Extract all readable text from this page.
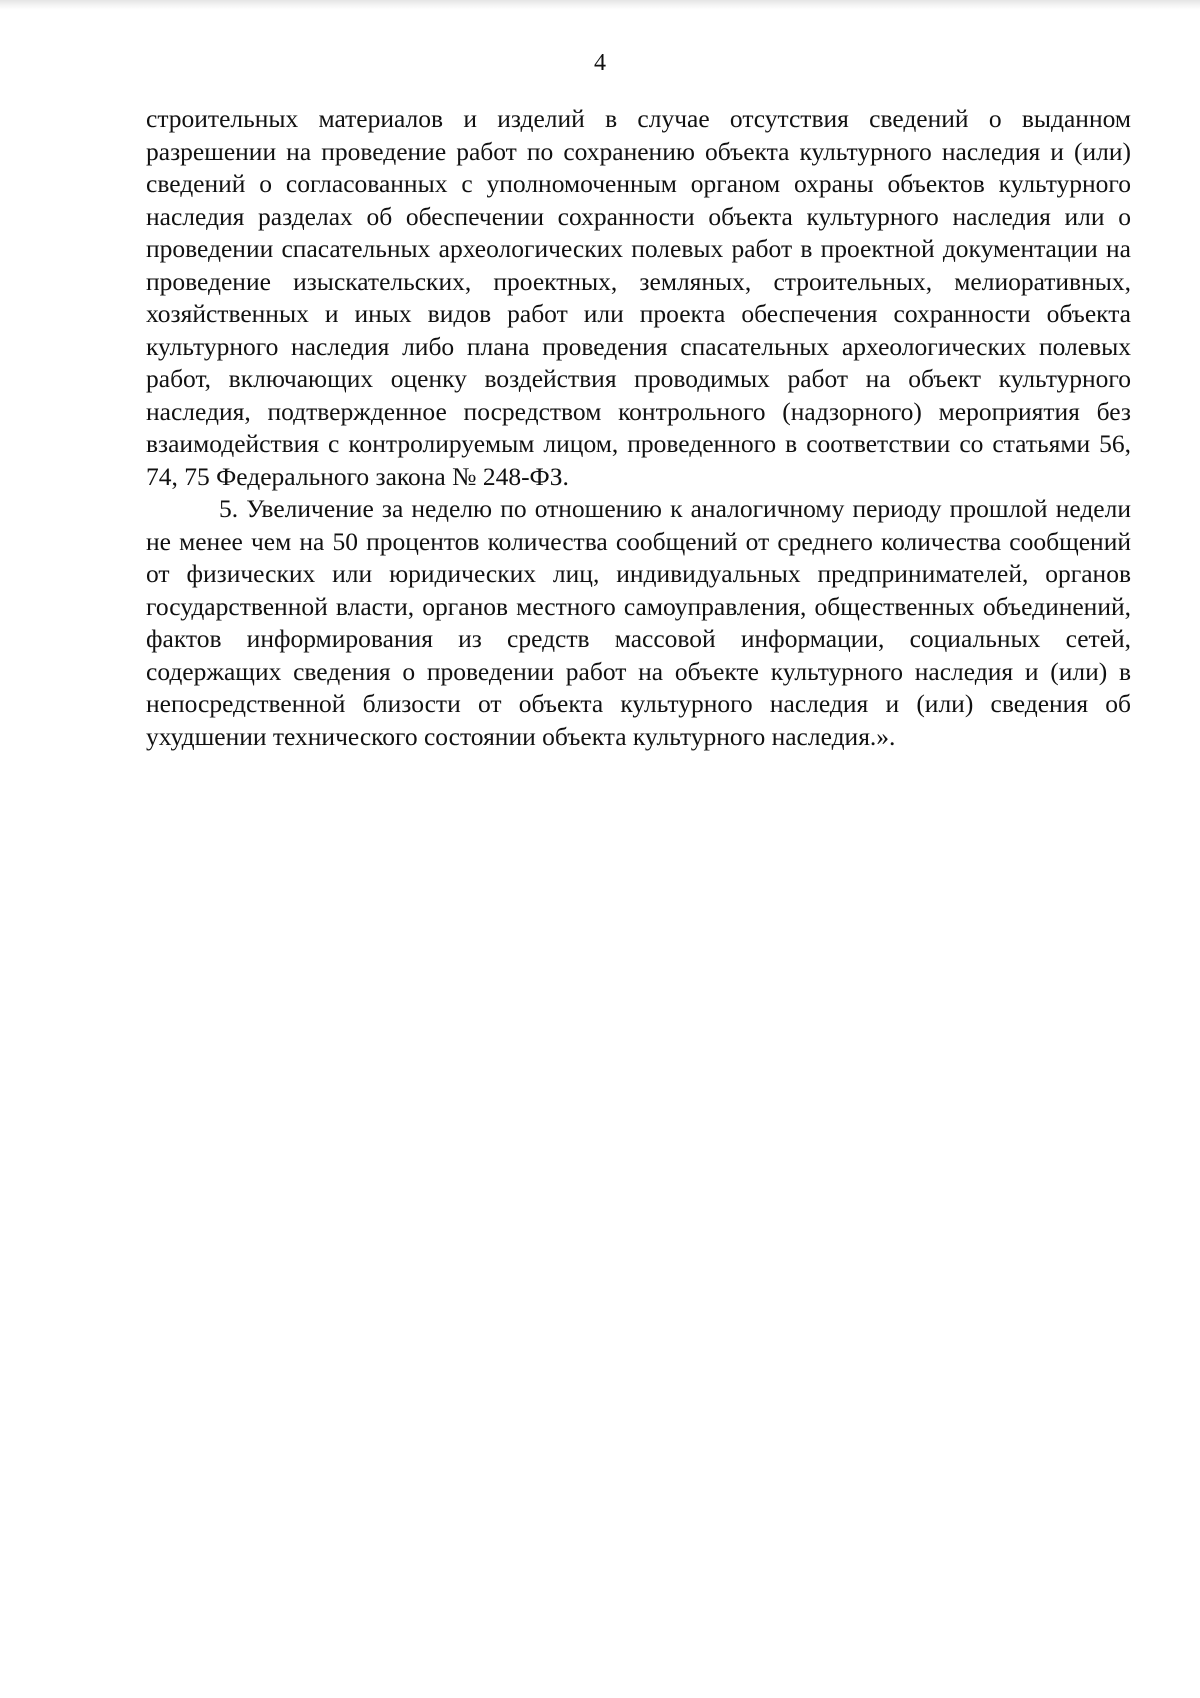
4

строительных материалов и изделий в случае отсутствия сведений о выданном разрешении на проведение работ по сохранению объекта культурного наследия и (или) сведений о согласованных с уполномоченным органом охраны объектов культурного наследия разделах об обеспечении сохранности объекта культурного наследия или о проведении спасательных археологических полевых работ в проектной документации на проведение изыскательских, проектных, земляных, строительных, мелиоративных, хозяйственных и иных видов работ или проекта обеспечения сохранности объекта культурного наследия либо плана проведения спасательных археологических полевых работ, включающих оценку воздействия проводимых работ на объект культурного наследия, подтвержденное посредством контрольного (надзорного) мероприятия без взаимодействия с контролируемым лицом, проведенного в соответствии со статьями 56, 74, 75 Федерального закона № 248-ФЗ.

5. Увеличение за неделю по отношению к аналогичному периоду прошлой недели не менее чем на 50 процентов количества сообщений от среднего количества сообщений от физических или юридических лиц, индивидуальных предпринимателей, органов государственной власти, органов местного самоуправления, общественных объединений, фактов информирования из средств массовой информации, социальных сетей, содержащих сведения о проведении работ на объекте культурного наследия и (или) в непосредственной близости от объекта культурного наследия и (или) сведения об ухудшении технического состоянии объекта культурного наследия.».
